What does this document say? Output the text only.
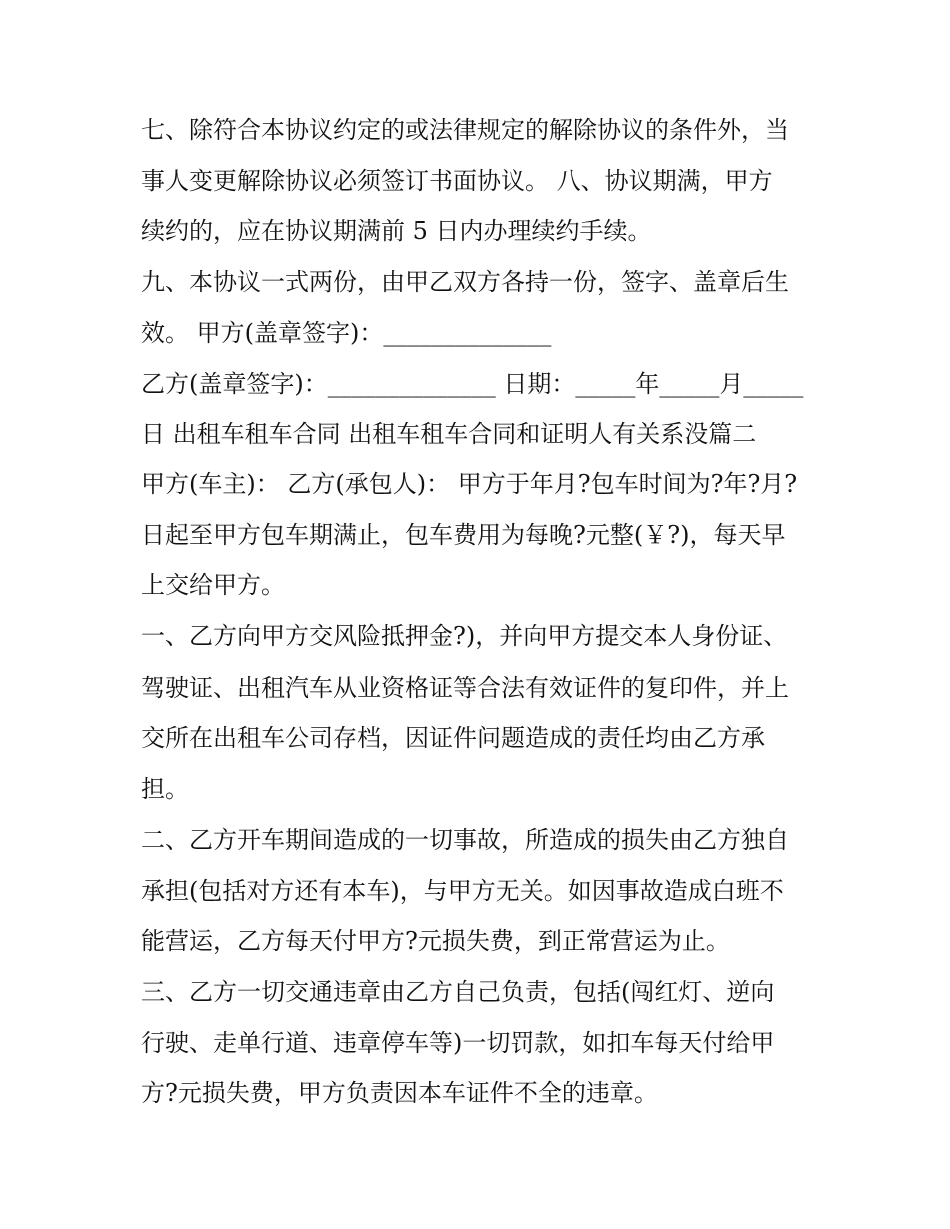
七、除符合本协议约定的或法律规定的解除协议的条件外，当
事人变更解除协议必须签订书面协议。 八、协议期满，甲方
续约的，应在协议期满前 5 日内办理续约手续。
九、本协议一式两份，由甲乙双方各持一份，签字、盖章后生
效。 甲方(盖章签字)：______________
乙方(盖章签字)：______________ 日期：_____年_____月_____
日 出租车租车合同 出租车租车合同和证明人有关系没篇二
甲方(车主)： 乙方(承包人)： 甲方于年月?包车时间为?年?月?
日起至甲方包车期满止，包车费用为每晚?元整(￥?)，每天早
上交给甲方。
一、乙方向甲方交风险抵押金?)，并向甲方提交本人身份证、
驾驶证、出租汽车从业资格证等合法有效证件的复印件，并上
交所在出租车公司存档，因证件问题造成的责任均由乙方承
担。
二、乙方开车期间造成的一切事故，所造成的损失由乙方独自
承担(包括对方还有本车)，与甲方无关。如因事故造成白班不
能营运，乙方每天付甲方?元损失费，到正常营运为止。
三、乙方一切交通违章由乙方自己负责，包括(闯红灯、逆向
行驶、走单行道、违章停车等)一切罚款，如扣车每天付给甲
方?元损失费，甲方负责因本车证件不全的违章。
